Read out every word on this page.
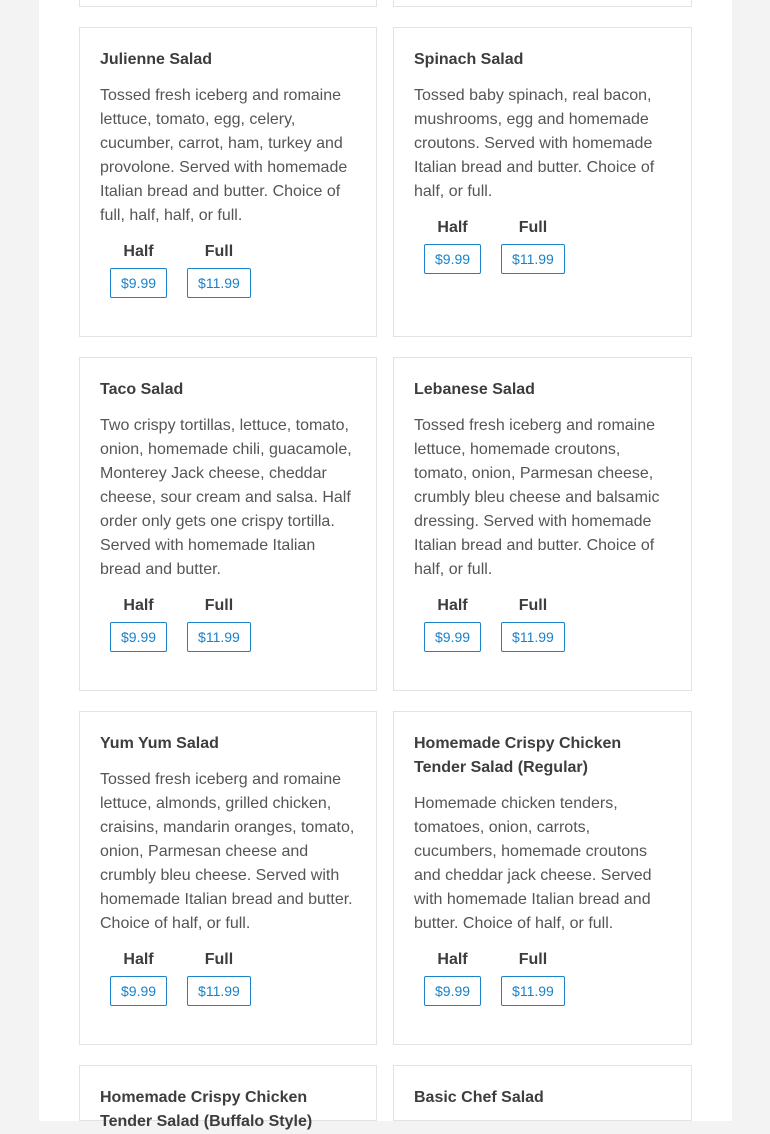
Julienne Salad

Tossed fresh iceberg and romaine lettuce, tomato, egg, celery, cucumber, carrot, ham, turkey and provolone. Served with homemade Italian bread and butter. Choice of full, half, half, or full.

Half
$9.99
Full
$11.99
Spinach Salad

Tossed baby spinach, real bacon, mushrooms, egg and homemade croutons. Served with homemade Italian bread and butter. Choice of half, or full.

Half
$9.99
Full
$11.99
Taco Salad

Two crispy tortillas, lettuce, tomato, onion, homemade chili, guacamole, Monterey Jack cheese, cheddar cheese, sour cream and salsa. Half order only gets one crispy tortilla. Served with homemade Italian bread and butter.

Half
$9.99
Full
$11.99
Lebanese Salad

Tossed fresh iceberg and romaine lettuce, homemade croutons, tomato, onion, Parmesan cheese, crumbly bleu cheese and balsamic dressing. Served with homemade Italian bread and butter. Choice of half, or full.

Half
$9.99
Full
$11.99
Yum Yum Salad

Tossed fresh iceberg and romaine lettuce, almonds, grilled chicken, craisins, mandarin oranges, tomato, onion, Parmesan cheese and crumbly bleu cheese. Served with homemade Italian bread and butter. Choice of half, or full.

Half
$9.99
Full
$11.99
Homemade Crispy Chicken Tender Salad (Regular)

Homemade chicken tenders, tomatoes, onion, carrots, cucumbers, homemade croutons and cheddar jack cheese. Served with homemade Italian bread and butter. Choice of half, or full.

Half
$9.99
Full
$11.99
Homemade Crispy Chicken Tender Salad (Buffalo Style)
Basic Chef Salad
